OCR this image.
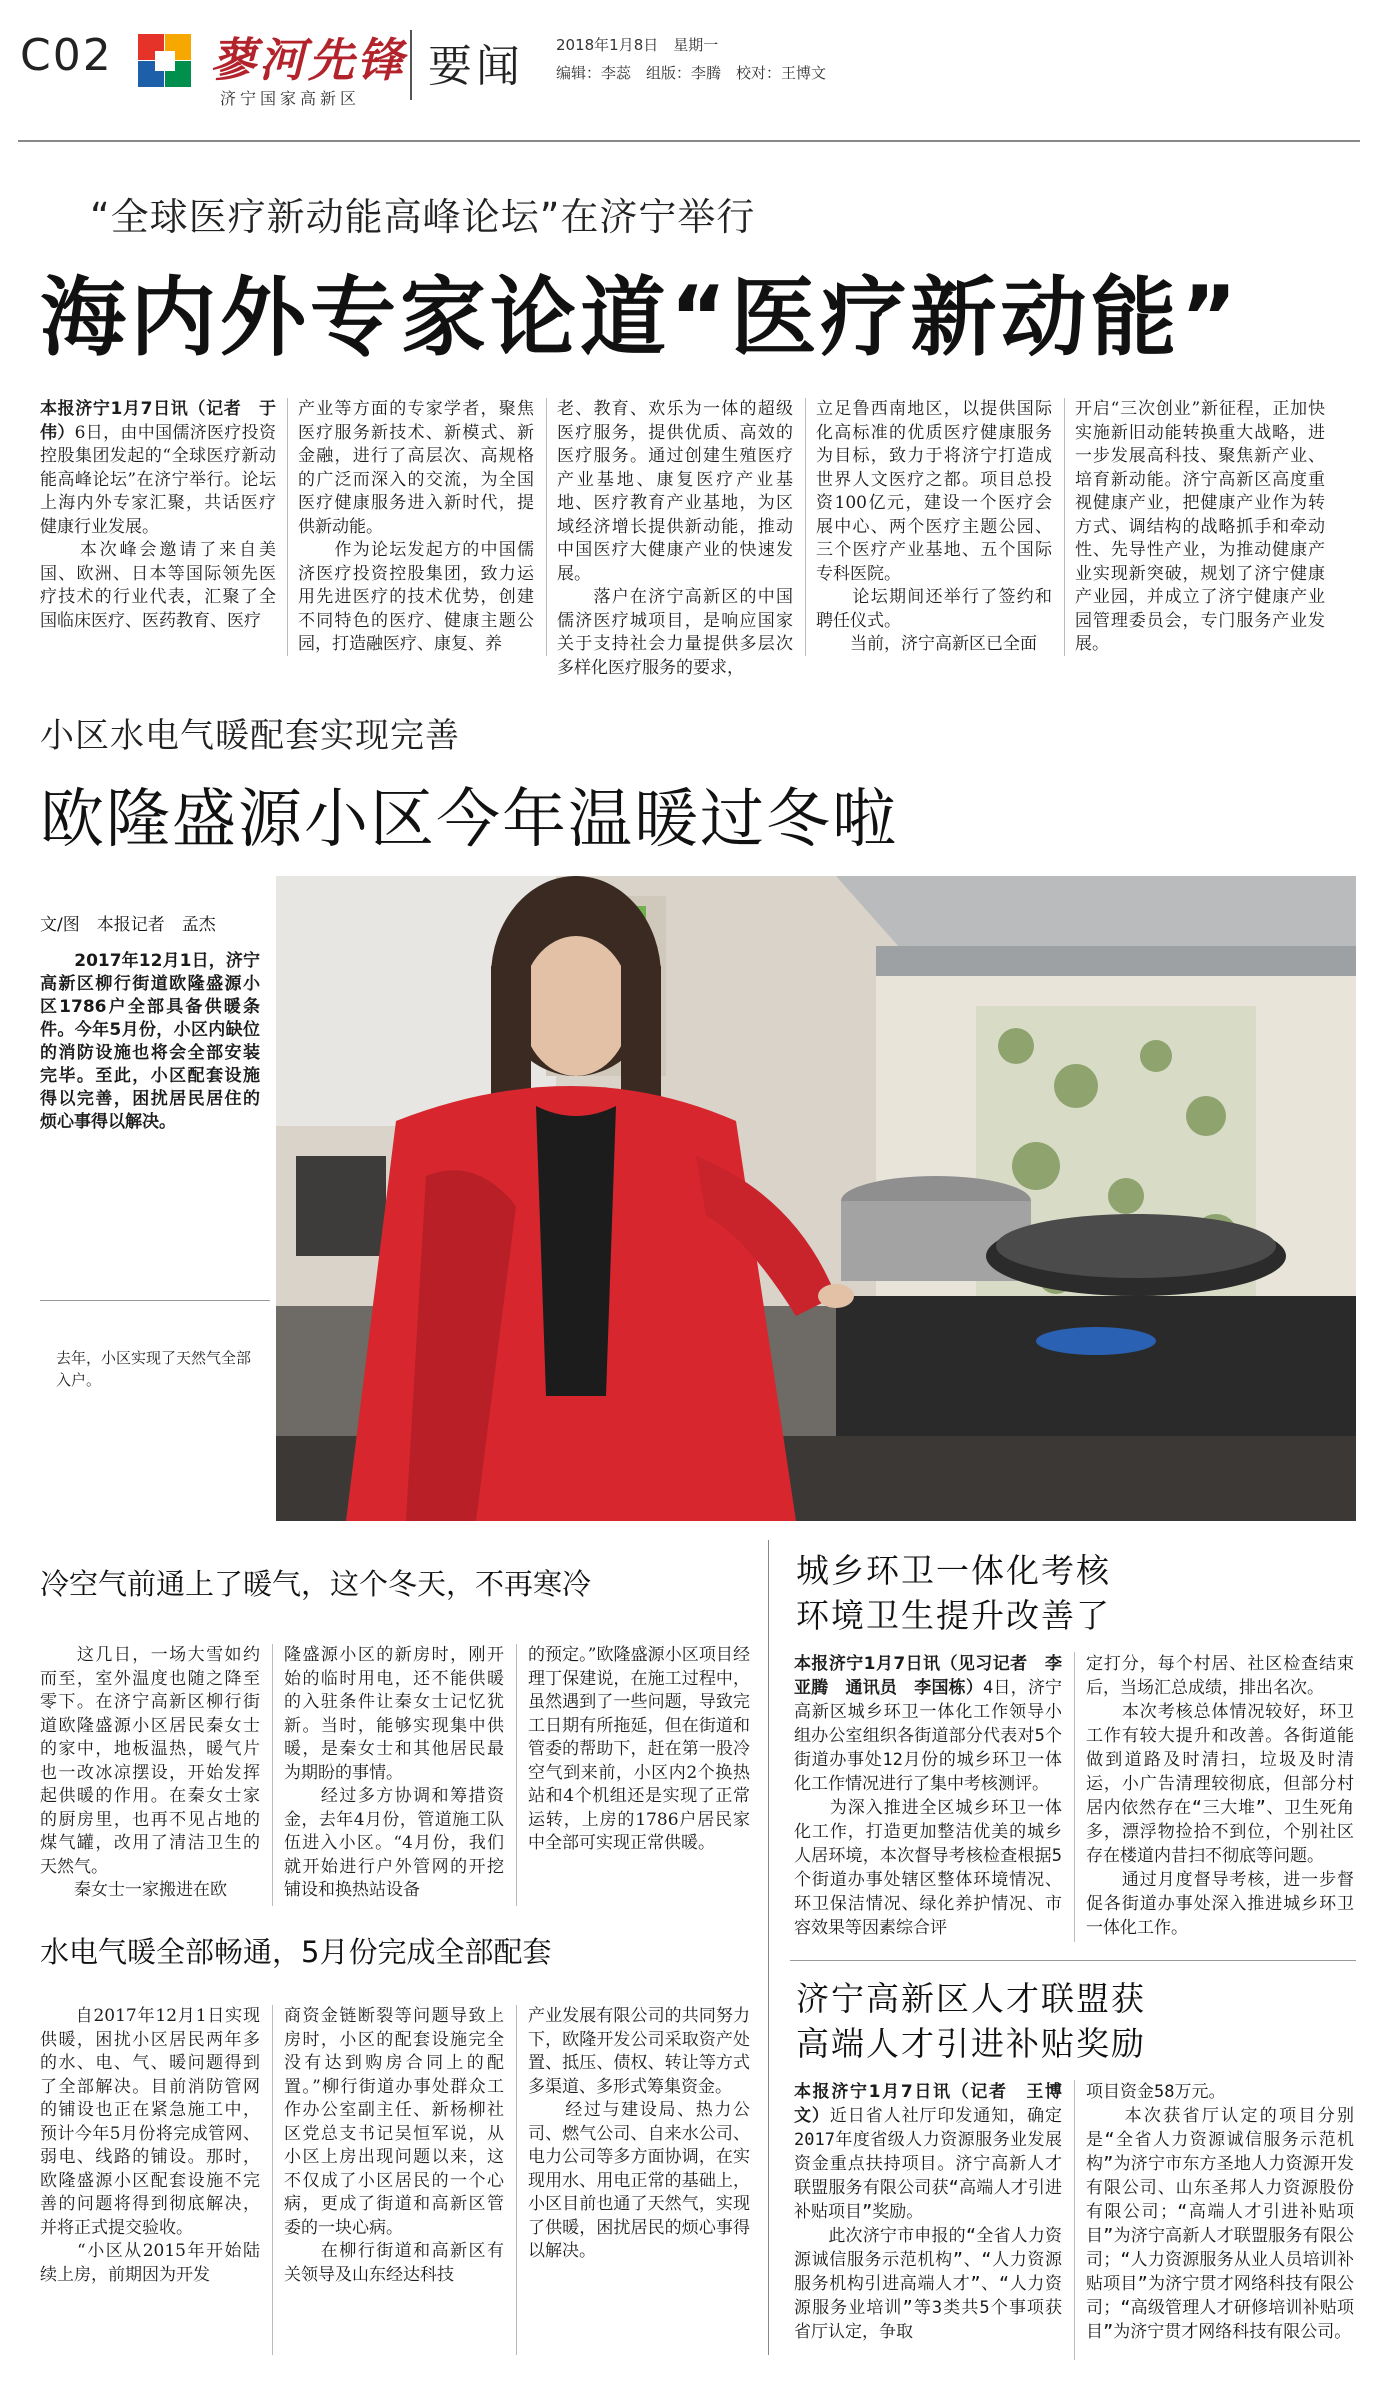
C02 蓼河先锋
济宁国家高新区
要闻 2018年1月8日　星期一
编辑：李蕊　组版：李腾　校对：王博文
“全球医疗新动能高峰论坛”在济宁举行
海内外专家论道“医疗新动能”
本报济宁1月7日讯（记者　于伟）6日，由中国儒济医疗投资控股集团发起的“全球医疗新动能高峰论坛”在济宁举行。论坛上海内外专家汇聚，共话医疗健康行业发展。
　　本次峰会邀请了来自美国、欧洲、日本等国际领先医疗技术的行业代表，汇聚了全国临床医疗、医药教育、医疗
产业等方面的专家学者，聚焦医疗服务新技术、新模式、新金融，进行了高层次、高规格的广泛而深入的交流，为全国医疗健康服务进入新时代，提供新动能。
　　作为论坛发起方的中国儒济医疗投资控股集团，致力运用先进医疗的技术优势，创建不同特色的医疗、健康主题公园，打造融医疗、康复、养
老、教育、欢乐为一体的超级医疗服务，提供优质、高效的医疗服务。通过创建生殖医疗产业基地、康复医疗产业基地、医疗教育产业基地，为区域经济增长提供新动能，推动中国医疗大健康产业的快速发展。
　　落户在济宁高新区的中国儒济医疗城项目，是响应国家关于支持社会力量提供多层次多样化医疗服务的要求，
立足鲁西南地区，以提供国际化高标准的优质医疗健康服务为目标，致力于将济宁打造成世界人文医疗之都。项目总投资100亿元，建设一个医疗会展中心、两个医疗主题公园、三个医疗产业基地、五个国际专科医院。
　　论坛期间还举行了签约和聘任仪式。
　　当前，济宁高新区已全面
开启“三次创业”新征程，正加快实施新旧动能转换重大战略，进一步发展高科技、聚焦新产业、培育新动能。济宁高新区高度重视健康产业，把健康产业作为转方式、调结构的战略抓手和牵动性、先导性产业，为推动健康产业实现新突破，规划了济宁健康产业园，并成立了济宁健康产业园管理委员会，专门服务产业发展。
小区水电气暖配套实现完善
欧隆盛源小区今年温暖过冬啦
文/图　本报记者　孟杰
　　2017年12月1日，济宁高新区柳行街道欧隆盛源小区1786户全部具备供暖条件。今年5月份，小区内缺位的消防设施也将会全部安装完毕。至此，小区配套设施得以完善，困扰居民居住的烦心事得以解决。
去年，小区实现了天然气全部入户。
冷空气前通上了暖气，这个冬天，不再寒冷
　　这几日，一场大雪如约而至，室外温度也随之降至零下。在济宁高新区柳行街道欧隆盛源小区居民秦女士的家中，地板温热，暖气片也一改冰凉摆设，开始发挥起供暖的作用。在秦女士家的厨房里，也再不见占地的煤气罐，改用了清洁卫生的天然气。
　　秦女士一家搬进在欧
隆盛源小区的新房时，刚开始的临时用电，还不能供暖的入驻条件让秦女士记忆犹新。当时，能够实现集中供暖，是秦女士和其他居民最为期盼的事情。
　　经过多方协调和筹措资金，去年4月份，管道施工队伍进入小区。“4月份，我们就开始进行户外管网的开挖铺设和换热站设备
的预定。”欧隆盛源小区项目经理丁保建说，在施工过程中，虽然遇到了一些问题，导致完工日期有所拖延，但在街道和管委的帮助下，赶在第一股冷空气到来前，小区内2个换热站和4个机组还是实现了正常运转，上房的1786户居民家中全部可实现正常供暖。
水电气暖全部畅通，5月份完成全部配套
　　自2017年12月1日实现供暖，困扰小区居民两年多的水、电、气、暖问题得到了全部解决。目前消防管网的铺设也正在紧急施工中，预计今年5月份将完成管网、弱电、线路的铺设。那时，欧隆盛源小区配套设施不完善的问题将得到彻底解决，并将正式提交验收。
　　“小区从2015年开始陆续上房，前期因为开发
商资金链断裂等问题导致上房时，小区的配套设施完全没有达到购房合同上的配置。”柳行街道办事处群众工作办公室副主任、新杨柳社区党总支书记吴恒军说，从小区上房出现问题以来，这不仅成了小区居民的一个心病，更成了街道和高新区管委的一块心病。
　　在柳行街道和高新区有关领导及山东经达科技
产业发展有限公司的共同努力下，欧隆开发公司采取资产处置、抵压、债权、转让等方式多渠道、多形式筹集资金。
　　经过与建设局、热力公司、燃气公司、自来水公司、电力公司等多方面协调，在实现用水、用电正常的基础上，小区目前也通了天然气，实现了供暖，困扰居民的烦心事得以解决。
城乡环卫一体化考核
环境卫生提升改善了
本报济宁1月7日讯（见习记者　李亚腾　通讯员　李国栋）4日，济宁高新区城乡环卫一体化工作领导小组办公室组织各街道部分代表对5个街道办事处12月份的城乡环卫一体化工作情况进行了集中考核测评。
　　为深入推进全区城乡环卫一体化工作，打造更加整洁优美的城乡人居环境，本次督导考核检查根据5个街道办事处辖区整体环境情况、环卫保洁情况、绿化养护情况、市容效果等因素综合评
定打分，每个村居、社区检查结束后，当场汇总成绩，排出名次。
　　本次考核总体情况较好，环卫工作有较大提升和改善。各街道能做到道路及时清扫，垃圾及时清运，小广告清理较彻底，但部分村居内依然存在“三大堆”、卫生死角多，漂浮物捡拾不到位，个别社区存在楼道内昔扫不彻底等问题。
　　通过月度督导考核，进一步督促各街道办事处深入推进城乡环卫一体化工作。
济宁高新区人才联盟获
高端人才引进补贴奖励
本报济宁1月7日讯（记者　王博文）近日省人社厅印发通知，确定2017年度省级人力资源服务业发展资金重点扶持项目。济宁高新人才联盟服务有限公司获“高端人才引进补贴项目”奖励。
　　此次济宁市申报的“全省人力资源诚信服务示范机构”、“人力资源服务机构引进高端人才”、“人力资源服务业培训”等3类共5个事项获省厅认定，争取
项目资金58万元。
　　本次获省厅认定的项目分别是“全省人力资源诚信服务示范机构”为济宁市东方圣地人力资源开发有限公司、山东圣邦人力资源股份有限公司；“高端人才引进补贴项目”为济宁高新人才联盟服务有限公司；“人力资源服务从业人员培训补贴项目”为济宁贯才网络科技有限公司；“高级管理人才研修培训补贴项目”为济宁贯才网络科技有限公司。
